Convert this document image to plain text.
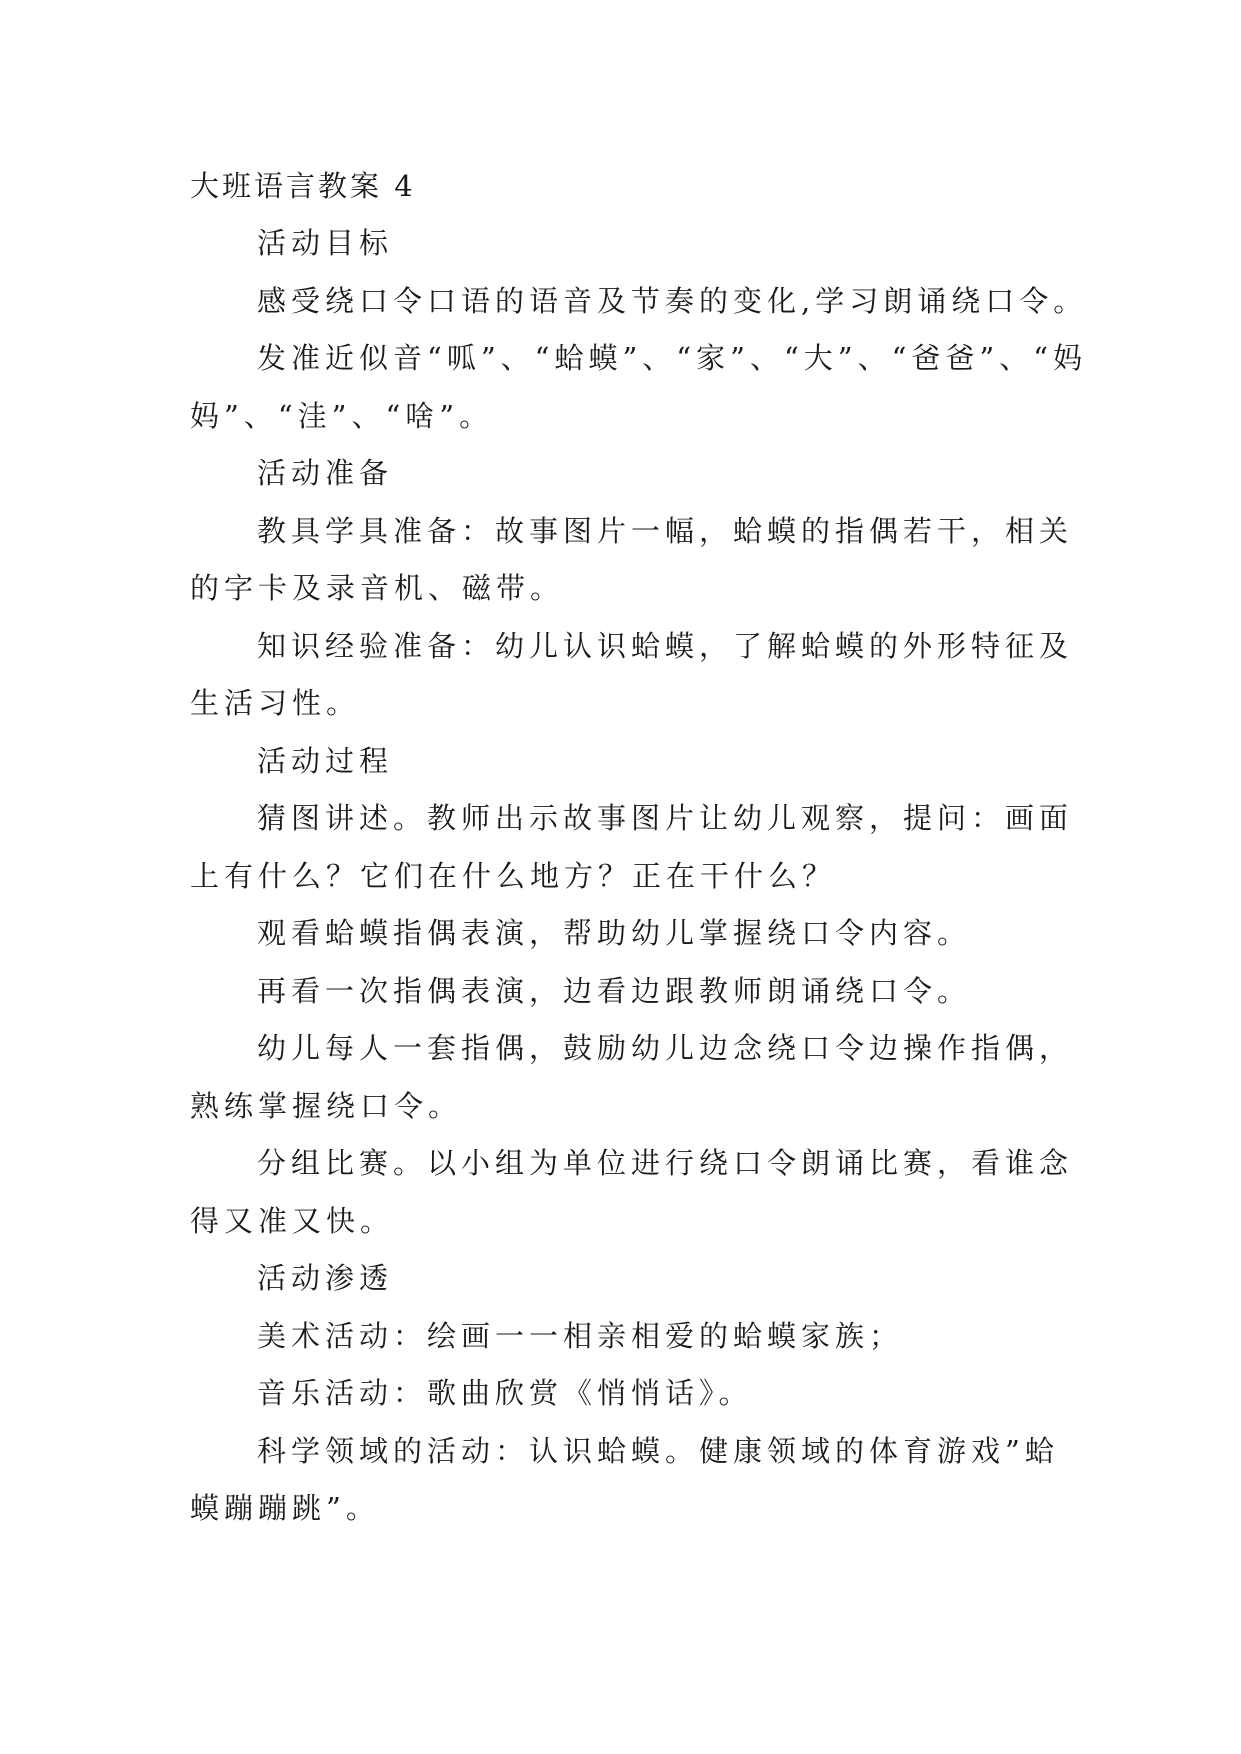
大班语言教案 4
活动目标
感受绕口令口语的语音及节奏的变化,学习朗诵绕口令。
发准近似音“呱”、“蛤蟆”、“家”、“大”、“爸爸”、“妈
妈”、“洼”、“啥”。
活动准备
教具学具准备：故事图片一幅，蛤蟆的指偶若干，相关
的字卡及录音机、磁带。
知识经验准备：幼儿认识蛤蟆，了解蛤蟆的外形特征及
生活习性。
活动过程
猜图讲述。教师出示故事图片让幼儿观察，提问：画面
上有什么？它们在什么地方？正在干什么？
观看蛤蟆指偶表演，帮助幼儿掌握绕口令内容。
再看一次指偶表演，边看边跟教师朗诵绕口令。
幼儿每人一套指偶，鼓励幼儿边念绕口令边操作指偶，
熟练掌握绕口令。
分组比赛。以小组为单位进行绕口令朗诵比赛，看谁念
得又准又快。
活动渗透
美术活动：绘画一一相亲相爱的蛤蟆家族；
音乐活动：歌曲欣赏《悄悄话》。
科学领域的活动：认识蛤蟆。健康领域的体育游戏”蛤
蟆蹦蹦跳”。
